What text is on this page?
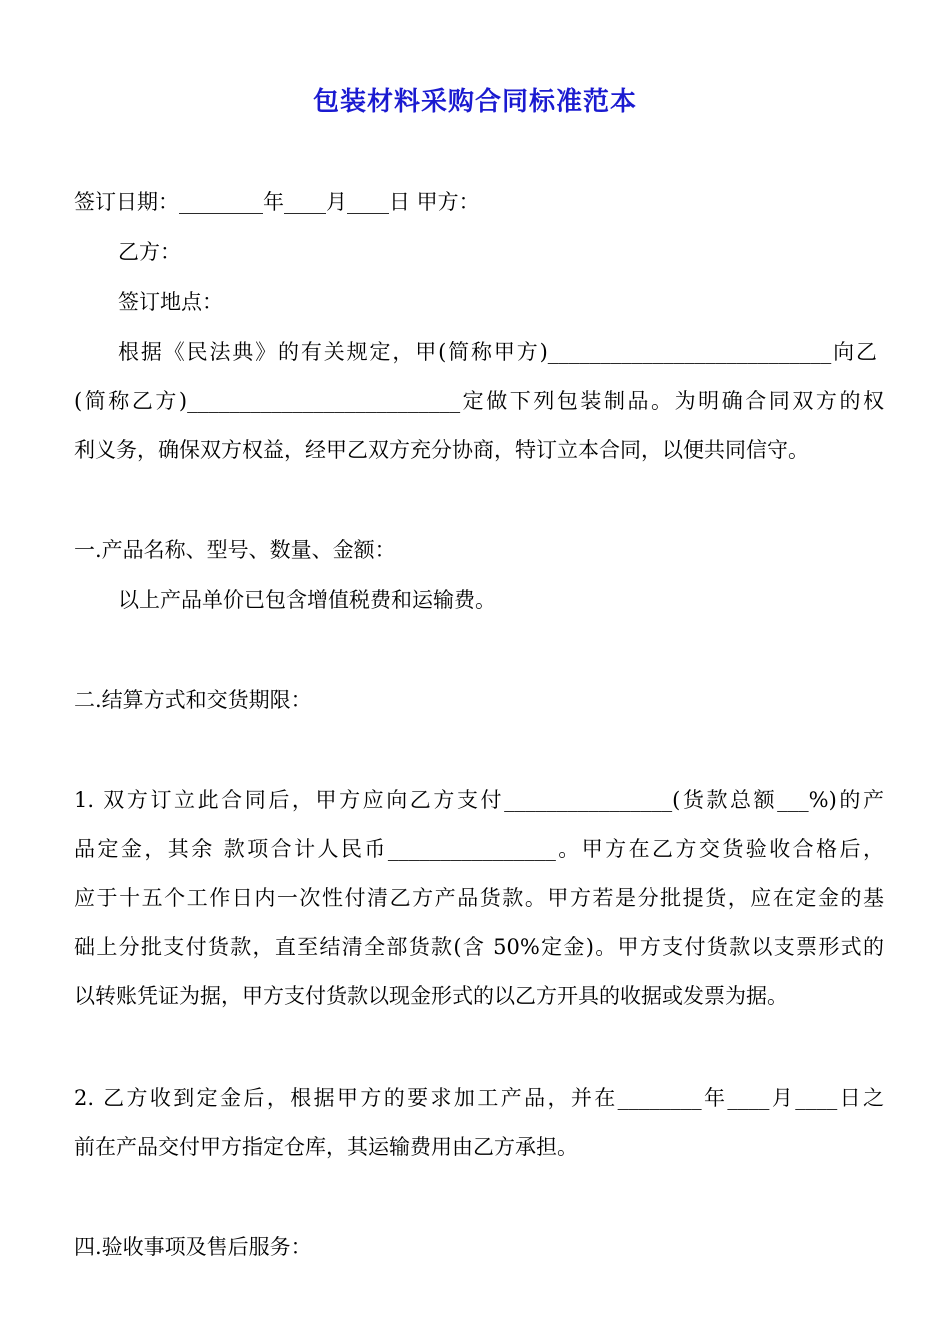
包装材料采购合同标准范本
签订日期：________年____月____日 甲方：
乙方：
签订地点：
根据《民法典》的有关规定，甲(简称甲方)___________________________向乙
(简称乙方)__________________________定做下列包装制品。为明确合同双方的权
利义务，确保双方权益，经甲乙双方充分协商，特订立本合同，以便共同信守。
一.产品名称、型号、数量、金额：
以上产品单价已包含增值税费和运输费。
二.结算方式和交货期限：
1. 双方订立此合同后，甲方应向乙方支付________________(货款总额___%)的产
品定金，其余 款项合计人民币________________。甲方在乙方交货验收合格后，
应于十五个工作日内一次性付清乙方产品货款。甲方若是分批提货，应在定金的基
础上分批支付货款，直至结清全部货款(含 50%定金)。甲方支付货款以支票形式的
以转账凭证为据，甲方支付货款以现金形式的以乙方开具的收据或发票为据。
2. 乙方收到定金后，根据甲方的要求加工产品，并在________年____月____日之
前在产品交付甲方指定仓库，其运输费用由乙方承担。
四.验收事项及售后服务：
